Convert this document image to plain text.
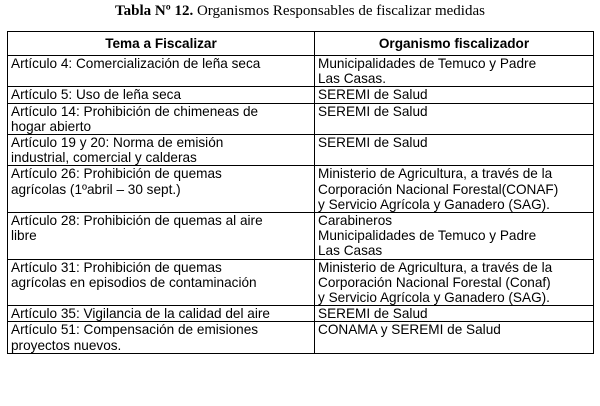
Tabla Nº 12. Organismos Responsables de fiscalizar medidas
Tema a Fiscalizar	Organismo fiscalizador

Artículo 4: Comercialización de leña seca	Municipalidades de Temuco y Padre
Las Casas.

Artículo 5: Uso de leña seca	SEREMI de Salud

Artículo 14: Prohibición de chimeneas de
hogar abierto	SEREMI de Salud

Artículo 19 y 20: Norma de emisión
industrial, comercial y calderas	SEREMI de Salud

Artículo 26: Prohibición de quemas
agrícolas (1ºabril – 30 sept.)	Ministerio de Agricultura, a través de la
Corporación Nacional Forestal(CONAF)
y Servicio Agrícola y Ganadero (SAG).

Artículo 28: Prohibición de quemas al aire
libre	Carabineros
Municipalidades de Temuco y Padre
Las Casas

Artículo 31: Prohibición de quemas
agrícolas en episodios de contaminación	Ministerio de Agricultura, a través de la
Corporación Nacional Forestal (Conaf)
y Servicio Agrícola y Ganadero (SAG).

Artículo 35: Vigilancia de la calidad del aire	SEREMI de Salud

Artículo 51: Compensación de emisiones
proyectos nuevos.	CONAMA y SEREMI de Salud
